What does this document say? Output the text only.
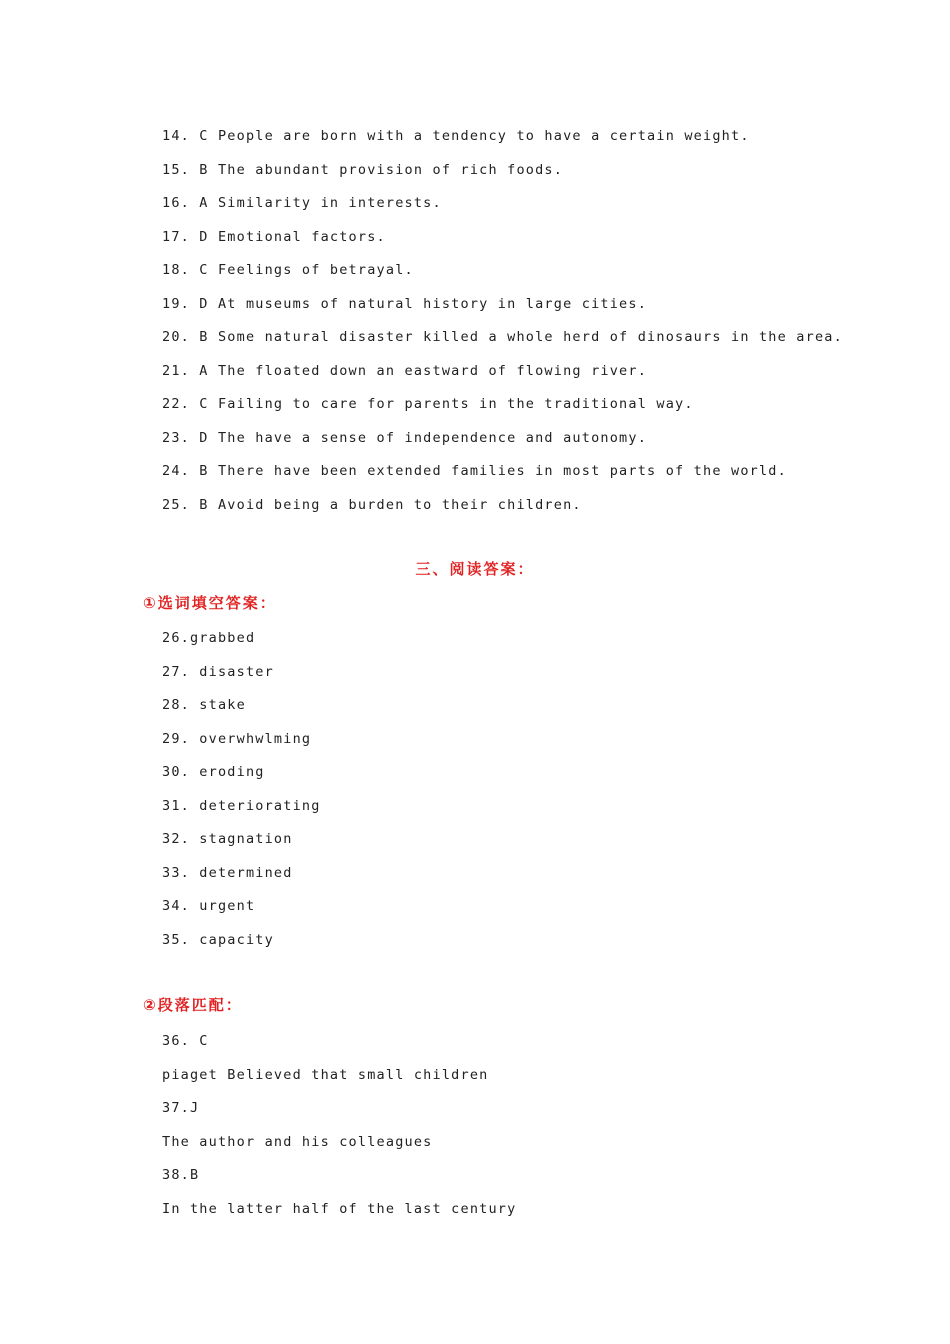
14. C People are born with a tendency to have a certain weight.
15. B The abundant provision of rich foods.
16. A Similarity in interests.
17. D Emotional factors.
18. C Feelings of betrayal.
19. D At museums of natural history in large cities.
20. B Some natural disaster killed a whole herd of dinosaurs in the area.
21. A The floated down an eastward of flowing river.
22. C Failing to care for parents in the traditional way.
23. D The have a sense of independence and autonomy.
24. B There have been extended families in most parts of the world.
25. B Avoid being a burden to their children.
三、阅读答案：
①选词填空答案：
26.grabbed
27. disaster
28. stake
29. overwhwlming
30. eroding
31. deteriorating
32. stagnation
33. determined
34. urgent
35. capacity
②段落匹配：
36. C
piaget Believed that small children
37.J
The author and his colleagues
38.B
In the latter half of the last century
